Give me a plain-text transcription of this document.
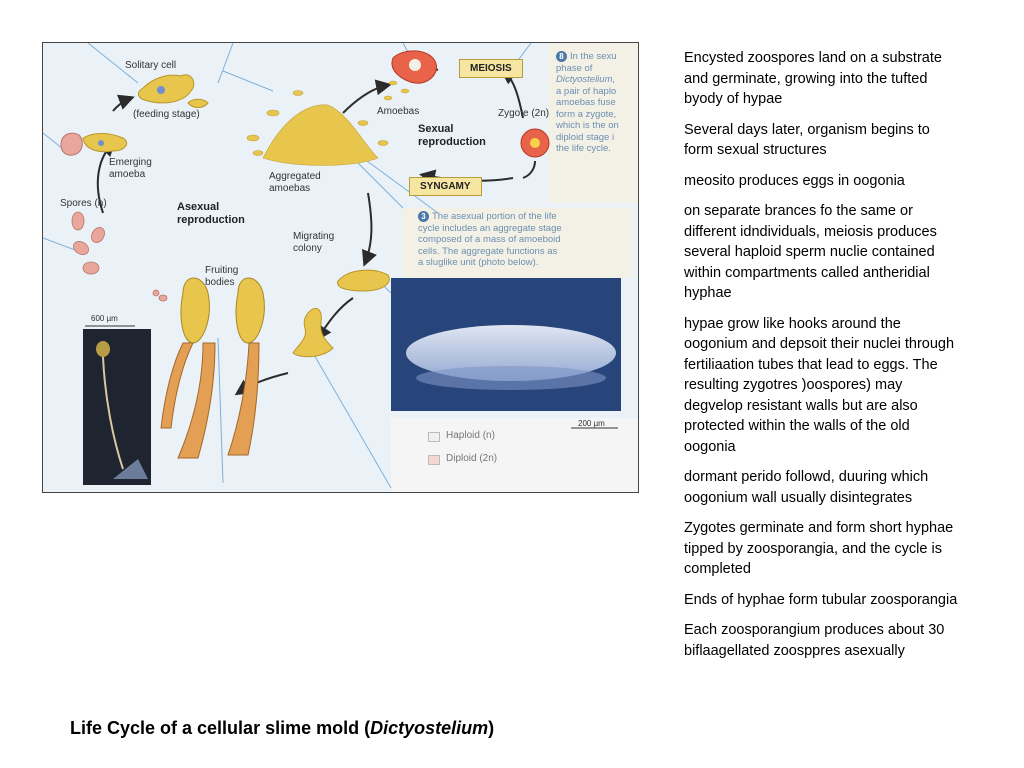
Solitary cell
(feeding stage)
Emerging amoeba
Spores (n)	Asexual reproduction
Aggregated amoebas
Amoebas
Sexual reproduction
Zygote (2n)
MEIOSIS
SYNGAMY
Migrating colony
Fruiting bodies
600 µm
200 µm
Haploid (n)
Diploid (2n)
8 In the sexu
phase of
Dictyostelium,
a pair of haplo
amoebas fuse
form a zygote,
which is the on
diploid stage i
the life cycle.
3 The asexual portion of the life
cycle includes an aggregate stage
composed of a mass of amoeboid
cells. The aggregate functions as
a sluglike unit (photo below).

Encysted zoospores land on a substrate and germinate, growing into the tufted byody of hypae

Several days later, organism begins to form sexual structures

meosito produces eggs in oogonia

on separate brances fo the same or different idndividuals, meiosis produces several haploid sperm nuclie contained within compartments called antheridial hyphae

hypae grow like hooks around the oogonium and depsoit their nuclei through fertiliaation tubes that lead to eggs. The resulting zygotres )oospores) may degvelop resistant walls but are also protected within the walls of the old oogonia

dormant perido followd, duuring which oogonium wall usually disintegrates

Zygotes germinate and form short hyphae tipped by zoosporangia, and the cycle is completed

Ends of hyphae form tubular zoosporangia

Each zoosporangium produces about 30 biflaagellated zoosppres asexually

Life Cycle of a cellular slime mold (Dictyostelium)
